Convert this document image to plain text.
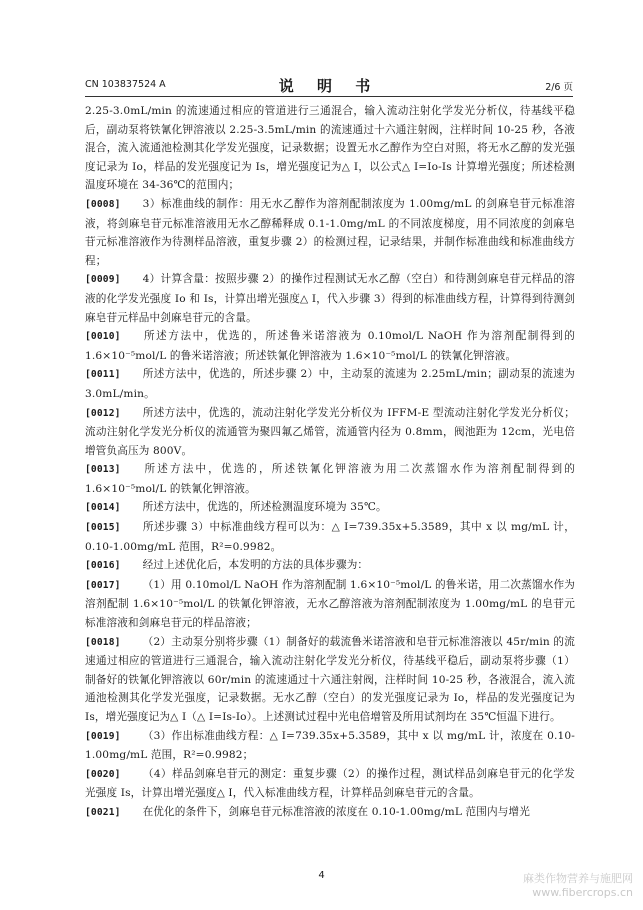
CN 103837524 A	说 明 书	2/6 页

2.25-3.0mL/min 的流速通过相应的管道进行三通混合，输入流动注射化学发光分析仪，待基线平稳后，副动泵将铁氰化钾溶液以 2.25-3.5mL/min 的流速通过十六通注射阀，注样时间 10-25 秒，各液混合，流入流通池检测其化学发光强度，记录数据；设置无水乙醇作为空白对照，将无水乙醇的发光强度记录为 Io，样品的发光强度记为 Is，增光强度记为△ I，以公式△ I=Io-Is 计算增光强度；所述检测温度环境在 34-36℃的范围内；

[0008] 3）标准曲线的制作：用无水乙醇作为溶剂配制浓度为 1.00mg/mL 的剑麻皂苷元标准溶液，将剑麻皂苷元标准溶液用无水乙醇稀释成 0.1-1.0mg/mL 的不同浓度梯度，用不同浓度的剑麻皂苷元标准溶液作为待测样品溶液，重复步骤 2）的检测过程，记录结果，并制作标准曲线和标准曲线方程；

[0009] 4）计算含量：按照步骤 2）的操作过程测试无水乙醇（空白）和待测剑麻皂苷元样品的溶液的化学发光强度 Io 和 Is，计算出增光强度△ I，代入步骤 3）得到的标准曲线方程，计算得到待测剑麻皂苷元样品中剑麻皂苷元的含量。

[0010] 所述方法中，优选的，所述鲁米诺溶液为 0.10mol/L NaOH 作为溶剂配制得到的 1.6×10⁻⁵mol/L 的鲁米诺溶液；所述铁氰化钾溶液为 1.6×10⁻⁵mol/L 的铁氰化钾溶液。

[0011] 所述方法中，优选的，所述步骤 2）中，主动泵的流速为 2.25mL/min；副动泵的流速为 3.0mL/min。

[0012] 所述方法中，优选的，流动注射化学发光分析仪为 IFFM-E 型流动注射化学发光分析仪；流动注射化学发光分析仪的流通管为聚四氟乙烯管，流通管内径为 0.8mm，阀池距为 12cm，光电倍增管负高压为 800V。

[0013] 所述方法中，优选的，所述铁氰化钾溶液为用二次蒸馏水作为溶剂配制得到的 1.6×10⁻⁵mol/L 的铁氰化钾溶液。

[0014] 所述方法中，优选的，所述检测温度环境为 35℃。

[0015] 所述步骤 3）中标准曲线方程可以为：△ I=739.35x+5.3589，其中 x 以 mg/mL 计，0.10-1.00mg/mL 范围，R²=0.9982。

[0016] 经过上述优化后，本发明的方法的具体步骤为：

[0017] （1）用 0.10mol/L NaOH 作为溶剂配制 1.6×10⁻⁵mol/L 的鲁米诺，用二次蒸馏水作为溶剂配制 1.6×10⁻⁵mol/L 的铁氰化钾溶液，无水乙醇溶液为溶剂配制浓度为 1.00mg/mL 的皂苷元标准溶液和剑麻皂苷元的样品溶液；

[0018] （2）主动泵分别将步骤（1）制备好的载流鲁米诺溶液和皂苷元标准溶液以 45r/min 的流速通过相应的管道进行三通混合，输入流动注射化学发光分析仪，待基线平稳后，副动泵将步骤（1）制备好的铁氰化钾溶液以 60r/min 的流速通过十六通注射阀，注样时间 10-25 秒，各液混合，流入流通池检测其化学发光强度，记录数据。无水乙醇（空白）的发光强度记录为 Io，样品的发光强度记为 Is，增光强度记为△ I（△ I=Is-Io）。上述测试过程中光电倍增管及所用试剂均在 35℃恒温下进行。

[0019] （3）作出标准曲线方程：△ I=739.35x+5.3589，其中 x 以 mg/mL 计，浓度在 0.10-1.00mg/mL 范围，R²=0.9982；

[0020] （4）样品剑麻皂苷元的测定：重复步骤（2）的操作过程，测试样品剑麻皂苷元的化学发光强度 Is，计算出增光强度△ I，代入标准曲线方程，计算样品剑麻皂苷元的含量。

[0021] 在优化的条件下，剑麻皂苷元标准溶液的浓度在 0.10-1.00mg/mL 范围内与增光

4	麻类作物营养与施肥网
www.fibercrops.cn
